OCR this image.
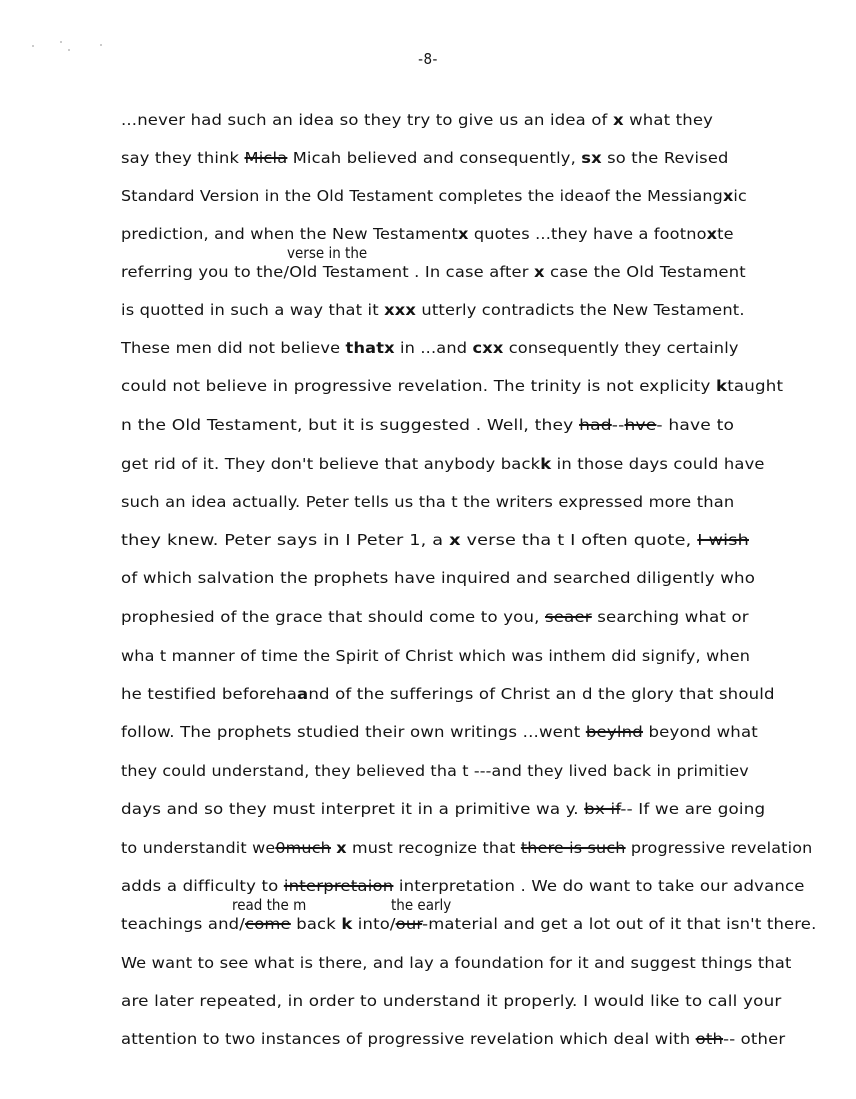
-8-
...never had such an idea so they try to give us an idea of x what they
say they think Micla Micah believed and consequently, sx so the Revised
Standard Version in the Old Testament completes the ideaof the Messiangxic
prediction, and when the New Testamentx quotes ...they have a footnoxte
referring you to the/Old Testament . In case after x case the Old Testament
is quotted in such a way that it xxx utterly contradicts the New Testament.
These men did not believe thatx in ...and cxx consequently they certainly
could not believe in progressive revelation. The trinity is not explicity ktaught
n the Old Testament, but it is suggested . Well, they had--hve- have to
get rid of it. They don't believe that anybody backk in those days could have
such an idea actually. Peter tells us tha t the writers expressed more than
they knew. Peter says in I Peter 1, a x verse tha t I often quote, I wish
of which salvation the prophets have inquired and searched diligently who
prophesied of the grace that should come to you, seaer searching what or
wha t manner of time the Spirit of Christ which was inthem did signify, when
he testified beforehaand of the sufferings of Christ an d the glory that should
follow. The prophets studied their own writings ...went beylnd beyond what
they could understand, they believed tha t ---and they lived back in primitiev
days and so they must interpret it in a primitive wa y. bx if-- If we are going
to understandit we0much x must recognize that there is such progressive revelation
adds a difficulty to interpretaion interpretation . We do want to take our advance
teachings and/come back k into/our-material and get a lot out of it that isn't there.
We want to see what is there, and lay a foundation for it and suggest things that
are later repeated, in order to understand it properly. I would like to call your
attention to two instances of progressive revelation which deal with oth-- other
verse in the
read the m	the early
